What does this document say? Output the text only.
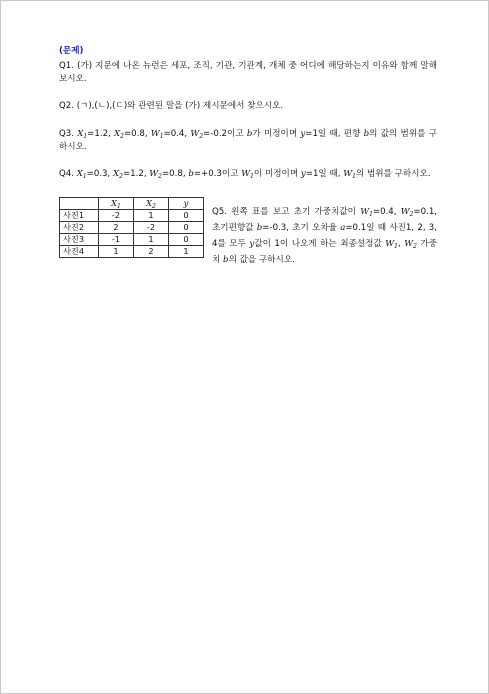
(문제)

Q1. (가) 지문에 나온 뉴런은 세포, 조직, 기관, 기관계, 개체 중 어디에 해당하는지 이유와 함께 말해보시오.

Q2. (ㄱ),(ㄴ),(ㄷ)와 관련된 말을 (가) 제시문에서 찾으시오.

Q3. $X_1=1.2$, $X_2=0.8$, $W_1=0.4$, $W_2=-0.2$이고 b가 미정이며 y=1일 때, 편향 b의 값의 범위를 구하시오.

Q4. $X_1=0.3$, $X_2=1.2$, $W_2=0.8$, b=+0.3이고 $W_1$이 미정이며 y=1일 때, $W_1$의 범위를 구하시오.

	$X_1$	$X_2$	y
사진1	-2	1	0
사진2	2	-2	0
사진3	-1	1	0
사진4	1	2	1

Q5. 왼쪽 표를 보고 초기 가중치값이 $W_1=0.4$, $W_2=0.1$, 초기편향값 b=-0.3, 초기 오차율 a=0.1일 때 사진1, 2, 3, 4를 모두 y값이 1이 나오게 하는 최종설정값 $W_1$, $W_2$ 가중치 b의 값을 구하시오.
